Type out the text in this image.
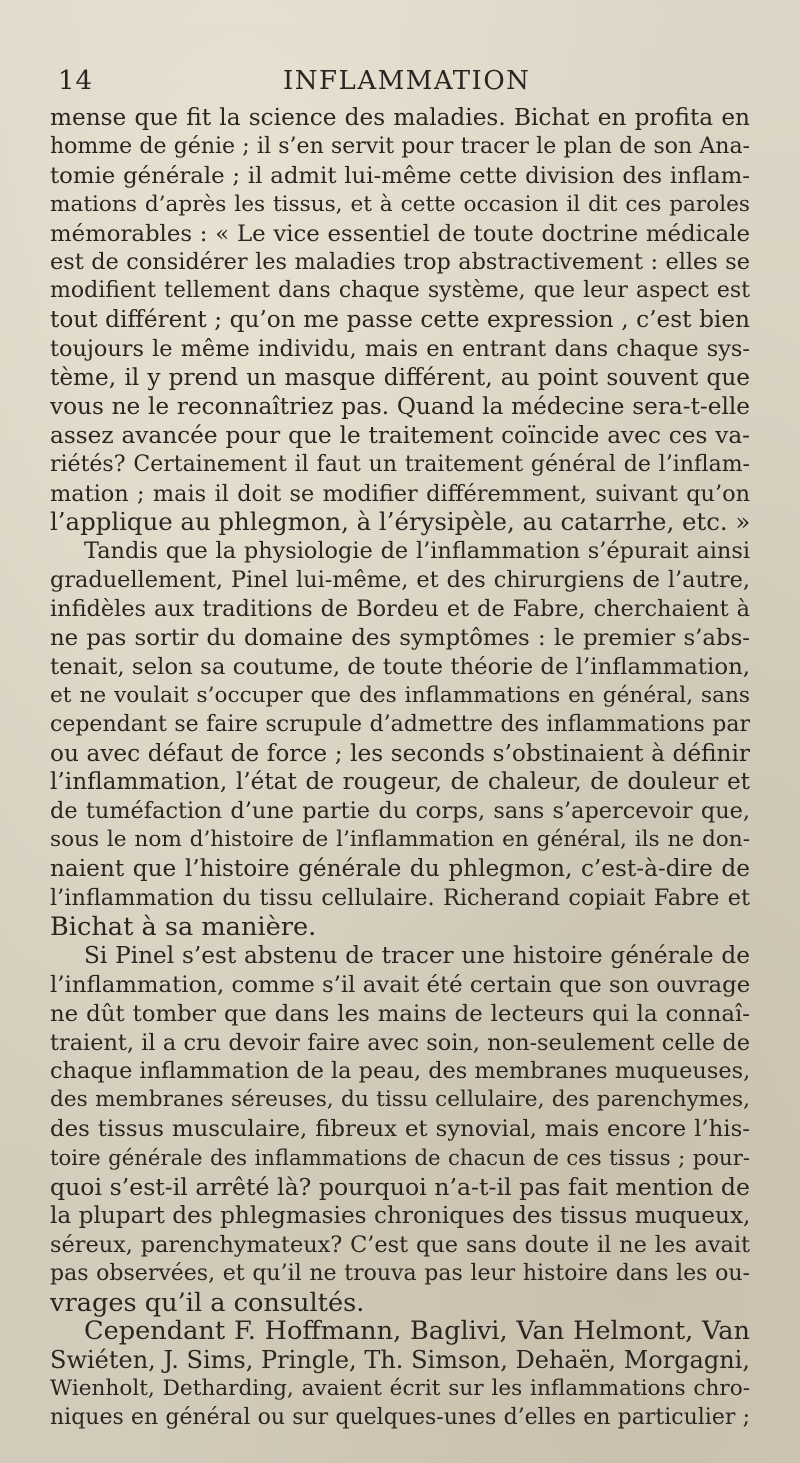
14	INFLAMMATION
mense que fit la science des maladies. Bichat en profita en
homme de génie ; il s’en servit pour tracer le plan de son Ana-
tomie générale ; il admit lui-même cette division des inflam-
mations d’après les tissus, et à cette occasion il dit ces paroles
mémorables : « Le vice essentiel de toute doctrine médicale
est de considérer les maladies trop abstractivement : elles se
modifient tellement dans chaque système, que leur aspect est
tout différent ; qu’on me passe cette expression , c’est bien
toujours le même individu, mais en entrant dans chaque sys-
tème, il y prend un masque différent, au point souvent que
vous ne le reconnaîtriez pas. Quand la médecine sera-t-elle
assez avancée pour que le traitement coïncide avec ces va-
riétés? Certainement il faut un traitement général de l’inflam-
mation ; mais il doit se modifier différemment, suivant qu’on
l’applique au phlegmon, à l’érysipèle, au catarrhe, etc. »
Tandis que la physiologie de l’inflammation s’épurait ainsi
graduellement, Pinel lui-même, et des chirurgiens de l’autre,
infidèles aux traditions de Bordeu et de Fabre, cherchaient à
ne pas sortir du domaine des symptômes : le premier s’abs-
tenait, selon sa coutume, de toute théorie de l’inflammation,
et ne voulait s’occuper que des inflammations en général, sans
cependant se faire scrupule d’admettre des inflammations par
ou avec défaut de force ; les seconds s’obstinaient à définir
l’inflammation, l’état de rougeur, de chaleur, de douleur et
de tuméfaction d’une partie du corps, sans s’apercevoir que,
sous le nom d’histoire de l’inflammation en général, ils ne don-
naient que l’histoire générale du phlegmon, c’est-à-dire de
l’inflammation du tissu cellulaire. Richerand copiait Fabre et
Bichat à sa manière.
Si Pinel s’est abstenu de tracer une histoire générale de
l’inflammation, comme s’il avait été certain que son ouvrage
ne dût tomber que dans les mains de lecteurs qui la connaî-
traient, il a cru devoir faire avec soin, non-seulement celle de
chaque inflammation de la peau, des membranes muqueuses,
des membranes séreuses, du tissu cellulaire, des parenchymes,
des tissus musculaire, fibreux et synovial, mais encore l’his-
toire générale des inflammations de chacun de ces tissus ; pour-
quoi s’est-il arrêté là? pourquoi n’a-t-il pas fait mention de
la plupart des phlegmasies chroniques des tissus muqueux,
séreux, parenchymateux? C’est que sans doute il ne les avait
pas observées, et qu’il ne trouva pas leur histoire dans les ou-
vrages qu’il a consultés.
Cependant F. Hoffmann, Baglivi, Van Helmont, Van
Swiéten, J. Sims, Pringle, Th. Simson, Dehaën, Morgagni,
Wienholt, Detharding, avaient écrit sur les inflammations chro-
niques en général ou sur quelques-unes d’elles en particulier ;
